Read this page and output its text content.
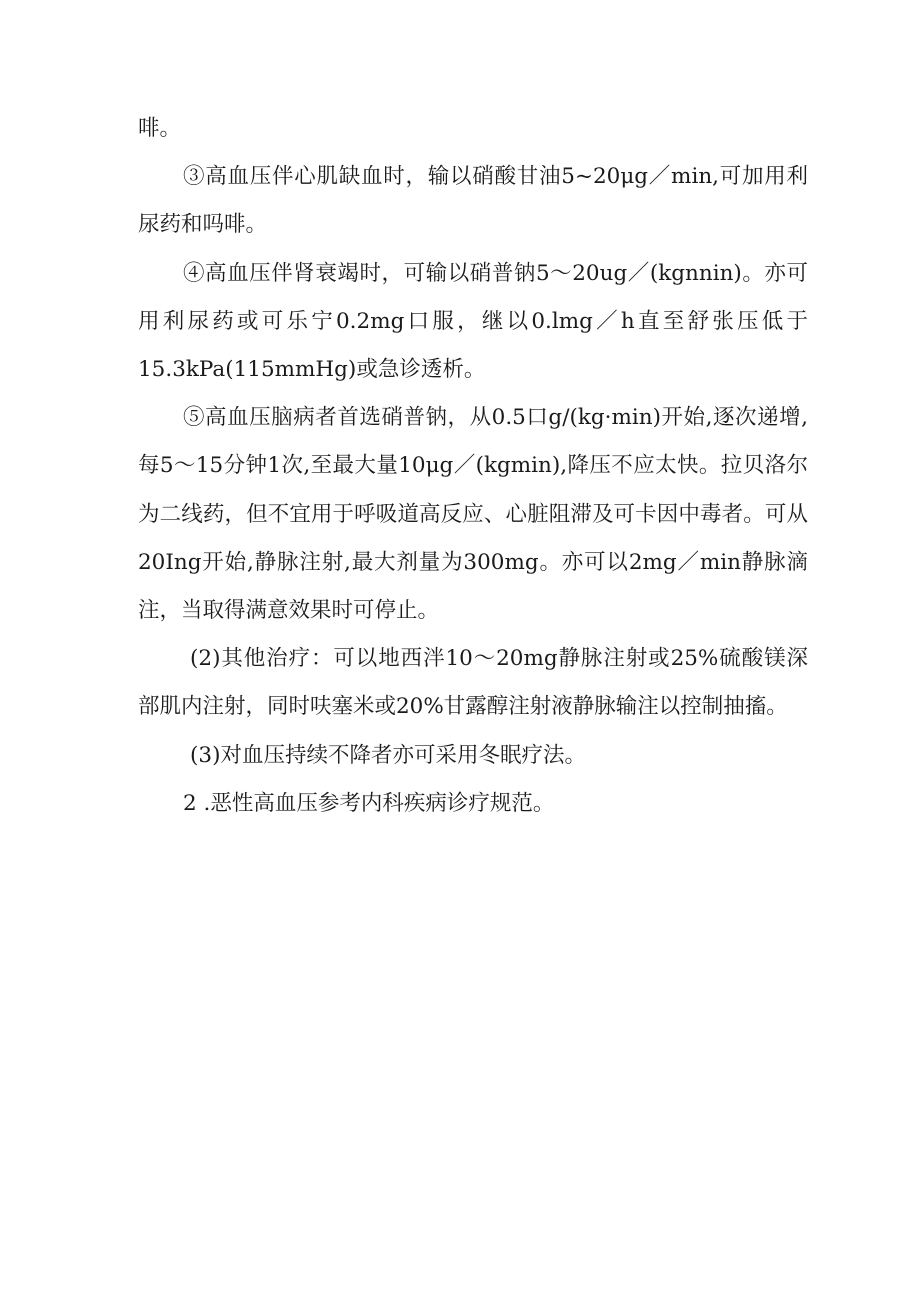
啡。

③高血压伴心肌缺血时，输以硝酸甘油5~20μg／min,可加用利尿药和吗啡。

④高血压伴肾衰竭时，可输以硝普钠5～20ug／(kgnnin)。亦可用利尿药或可乐宁0.2mg口服，继以0.lmg／h直至舒张压低于15.3kPa(115mmHg)或急诊透析。

⑤高血压脑病者首选硝普钠，从0.5口g/(kg·min)开始,逐次递增,每5～15分钟1次,至最大量10μg／(kgmin),降压不应太快。拉贝洛尔为二线药，但不宜用于呼吸道高反应、心脏阻滞及可卡因中毒者。可从20Ing开始,静脉注射,最大剂量为300mg。亦可以2mg／min静脉滴注，当取得满意效果时可停止。

(2)其他治疗：可以地西泮10～20mg静脉注射或25%硫酸镁深部肌内注射，同时呋塞米或20%甘露醇注射液静脉输注以控制抽搐。

(3)对血压持续不降者亦可采用冬眠疗法。

2 .恶性高血压参考内科疾病诊疗规范。
